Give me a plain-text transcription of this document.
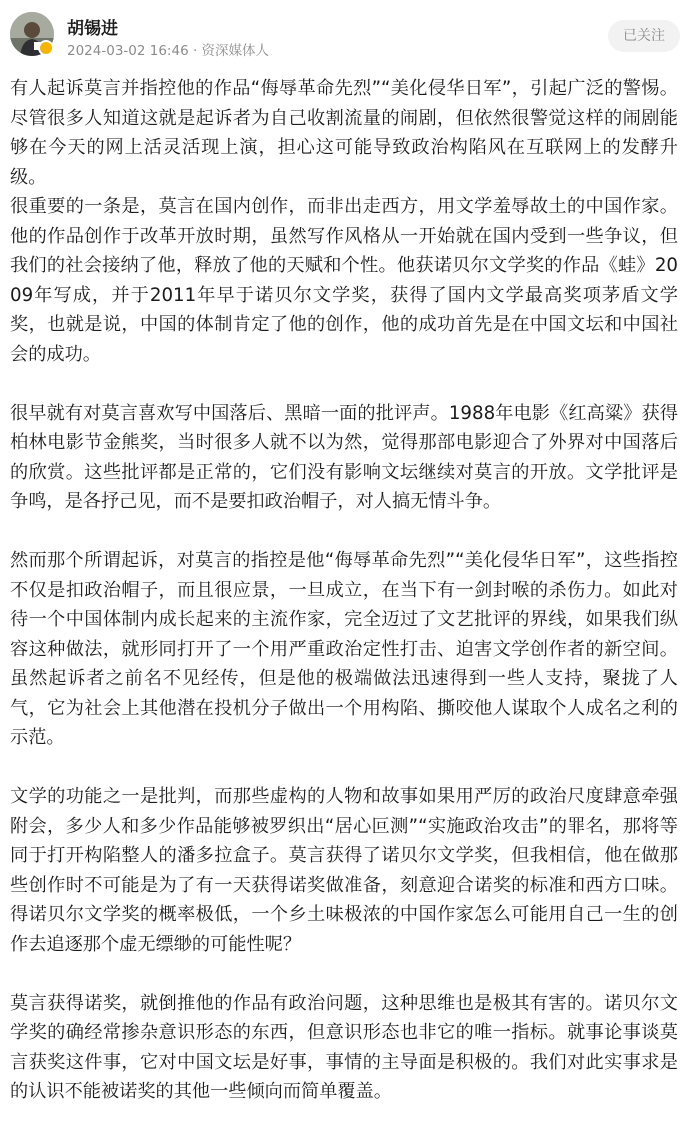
胡锡进
2024-03-02 16:46 · 资深媒体人
已关注

有人起诉莫言并指控他的作品“侮辱革命先烈”“美化侵华日军”，引起广泛的警惕。尽管很多人知道这就是起诉者为自己收割流量的闹剧，但依然很警觉这样的闹剧能够在今天的网上活灵活现上演，担心这可能导致政治构陷风在互联网上的发酵升级。

很重要的一条是，莫言在国内创作，而非出走西方，用文学羞辱故土的中国作家。他的作品创作于改革开放时期，虽然写作风格从一开始就在国内受到一些争议，但我们的社会接纳了他，释放了他的天赋和个性。他获诺贝尔文学奖的作品《蛙》2009年写成，并于2011年早于诺贝尔文学奖，获得了国内文学最高奖项茅盾文学奖，也就是说，中国的体制肯定了他的创作，他的成功首先是在中国文坛和中国社会的成功。

很早就有对莫言喜欢写中国落后、黑暗一面的批评声。1988年电影《红高粱》获得柏林电影节金熊奖，当时很多人就不以为然，觉得那部电影迎合了外界对中国落后的欣赏。这些批评都是正常的，它们没有影响文坛继续对莫言的开放。文学批评是争鸣，是各抒己见，而不是要扣政治帽子，对人搞无情斗争。

然而那个所谓起诉，对莫言的指控是他“侮辱革命先烈”“美化侵华日军”，这些指控不仅是扣政治帽子，而且很应景，一旦成立，在当下有一剑封喉的杀伤力。如此对待一个中国体制内成长起来的主流作家，完全迈过了文艺批评的界线，如果我们纵容这种做法，就形同打开了一个用严重政治定性打击、迫害文学创作者的新空间。虽然起诉者之前名不见经传，但是他的极端做法迅速得到一些人支持，聚拢了人气，它为社会上其他潜在投机分子做出一个用构陷、撕咬他人谋取个人成名之利的示范。

文学的功能之一是批判，而那些虚构的人物和故事如果用严厉的政治尺度肆意牵强附会，多少人和多少作品能够被罗织出“居心叵测”“实施政治攻击”的罪名，那将等同于打开构陷整人的潘多拉盒子。莫言获得了诺贝尔文学奖，但我相信，他在做那些创作时不可能是为了有一天获得诺奖做准备，刻意迎合诺奖的标准和西方口味。得诺贝尔文学奖的概率极低，一个乡土味极浓的中国作家怎么可能用自己一生的创作去追逐那个虚无缥缈的可能性呢？

莫言获得诺奖，就倒推他的作品有政治问题，这种思维也是极其有害的。诺贝尔文学奖的确经常掺杂意识形态的东西，但意识形态也非它的唯一指标。就事论事谈莫言获奖这件事，它对中国文坛是好事，事情的主导面是积极的。我们对此实事求是的认识不能被诺奖的其他一些倾向而简单覆盖。
